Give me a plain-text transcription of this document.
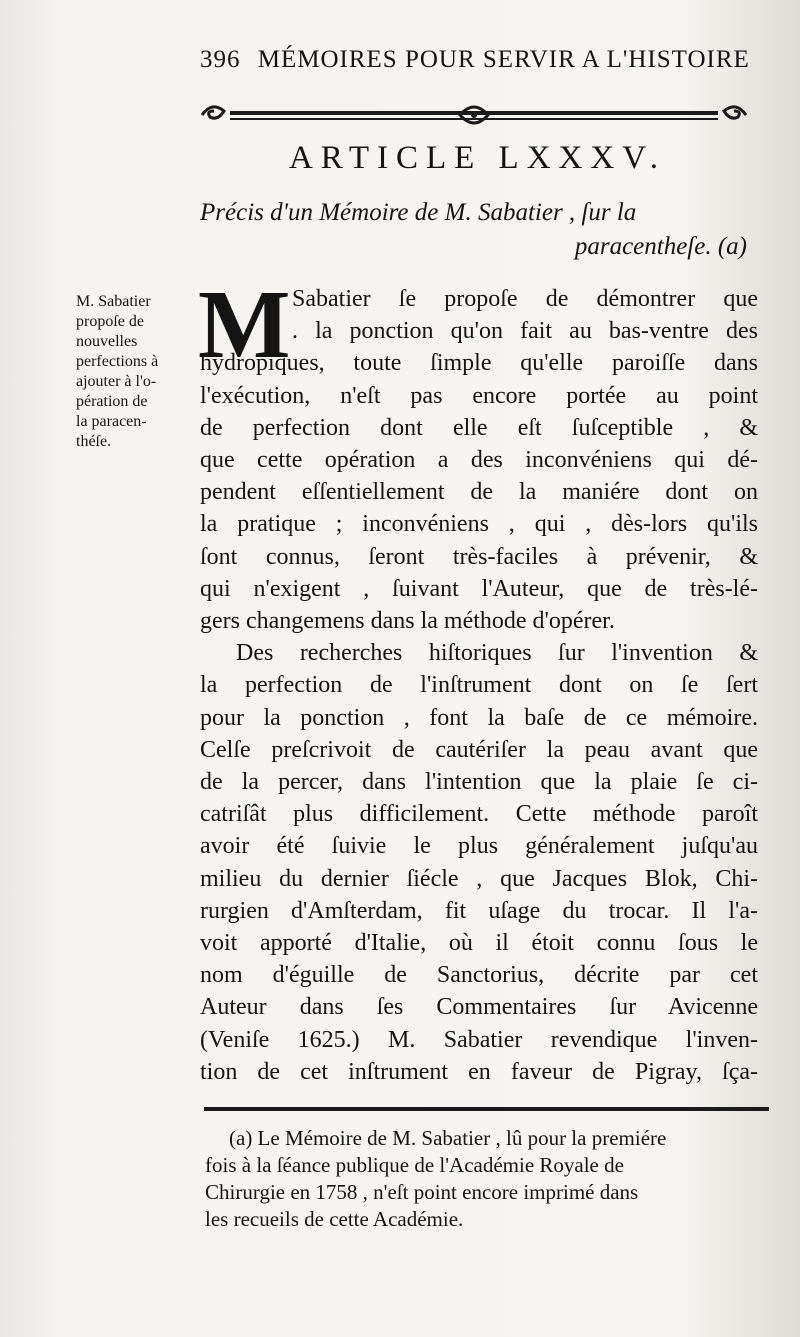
396 MÉMOIRES POUR SERVIR A L'HISTOIRE
ARTICLE LXXXV.
Précis d'un Mémoire de M. Sabatier , ſur la
paracentheſe. (a)
M. Sabatier
propoſe de
nouvelles
perfections à
ajouter à l'o-
pération de
la paracen-
théſe.
M Sabatier ſe propoſe de démontrer que
. la ponction qu'on fait au bas-ventre des
hydropiques, toute ſimple qu'elle paroiſſe dans
l'exécution, n'eſt pas encore portée au point
de perfection dont elle eſt ſuſceptible , &
que cette opération a des inconvéniens qui dé-
pendent eſſentiellement de la maniére dont on
la pratique ; inconvéniens , qui , dès-lors qu'ils
ſont connus, ſeront très-faciles à prévenir, &
qui n'exigent , ſuivant l'Auteur, que de très-lé-
gers changemens dans la méthode d'opérer.
Des recherches hiſtoriques ſur l'invention &
la perfection de l'inſtrument dont on ſe ſert
pour la ponction , font la baſe de ce mémoire.
Celſe preſcrivoit de cautériſer la peau avant que
de la percer, dans l'intention que la plaie ſe ci-
catriſât plus difficilement. Cette méthode paroît
avoir été ſuivie le plus généralement juſqu'au
milieu du dernier ſiécle , que Jacques Blok, Chi-
rurgien d'Amſterdam, fit uſage du trocar. Il l'a-
voit apporté d'Italie, où il étoit connu ſous le
nom d'éguille de Sanctorius, décrite par cet
Auteur dans ſes Commentaires ſur Avicenne
(Veniſe 1625.) M. Sabatier revendique l'inven-
tion de cet inſtrument en faveur de Pigray, ſça-
(a) Le Mémoire de M. Sabatier , lû pour la premiére
fois à la ſéance publique de l'Académie Royale de
Chirurgie en 1758 , n'eſt point encore imprimé dans
les recueils de cette Académie.
